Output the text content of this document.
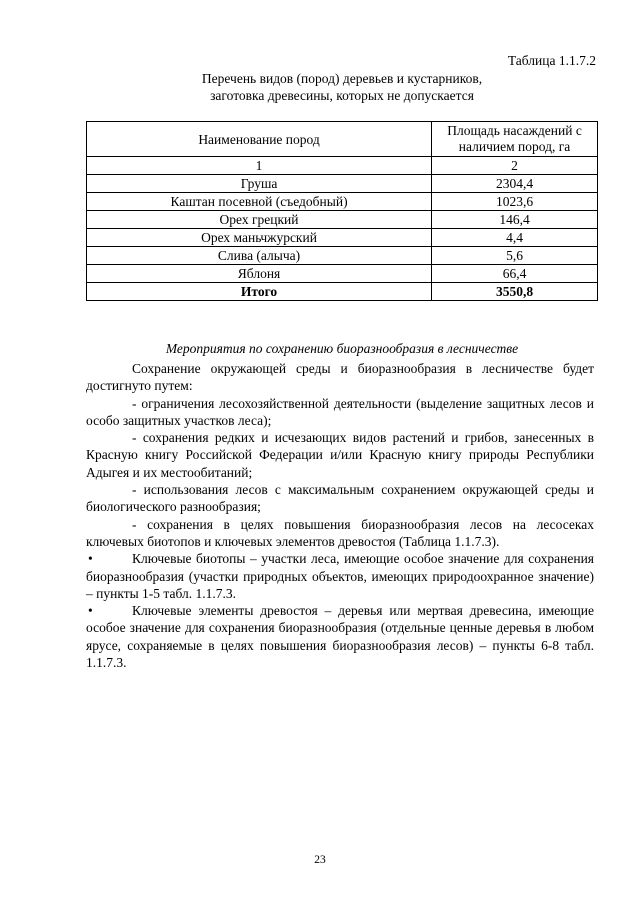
Таблица 1.1.7.2
Перечень видов (пород) деревьев и кустарников,
заготовка древесины, которых не допускается
Наименование пород	Площадь насаждений с наличием пород, га
1	2
Груша	2304,4
Каштан посевной (съедобный)	1023,6
Орех грецкий	146,4
Орех маньчжурский	4,4
Слива (алыча)	5,6
Яблоня	66,4
Итого	3550,8
Мероприятия по сохранению биоразнообразия в лесничестве

Сохранение окружающей среды и биоразнообразия в лесничестве будет достигнуто путем:

- ограничения лесохозяйственной деятельности (выделение защитных лесов и особо защитных участков леса);

- сохранения редких и исчезающих видов растений и грибов, занесенных в Красную книгу Российской Федерации и/или Красную книгу природы Республики Адыгея и их местообитаний;

- использования лесов с максимальным сохранением окружающей среды и биологического разнообразия;

- сохранения в целях повышения биоразнообразия лесов на лесосеках ключевых биотопов и ключевых элементов древостоя (Таблица 1.1.7.3).

•	Ключевые биотопы – участки леса, имеющие особое значение для сохранения биоразнообразия (участки природных объектов, имеющих природоохранное значение) – пункты 1-5 табл. 1.1.7.3.

•	Ключевые элементы древостоя – деревья или мертвая древесина, имеющие особое значение для сохранения биоразнообразия (отдельные ценные деревья в любом ярусе, сохраняемые в целях повышения биоразнообразия лесов) – пункты 6-8 табл. 1.1.7.3.

23
